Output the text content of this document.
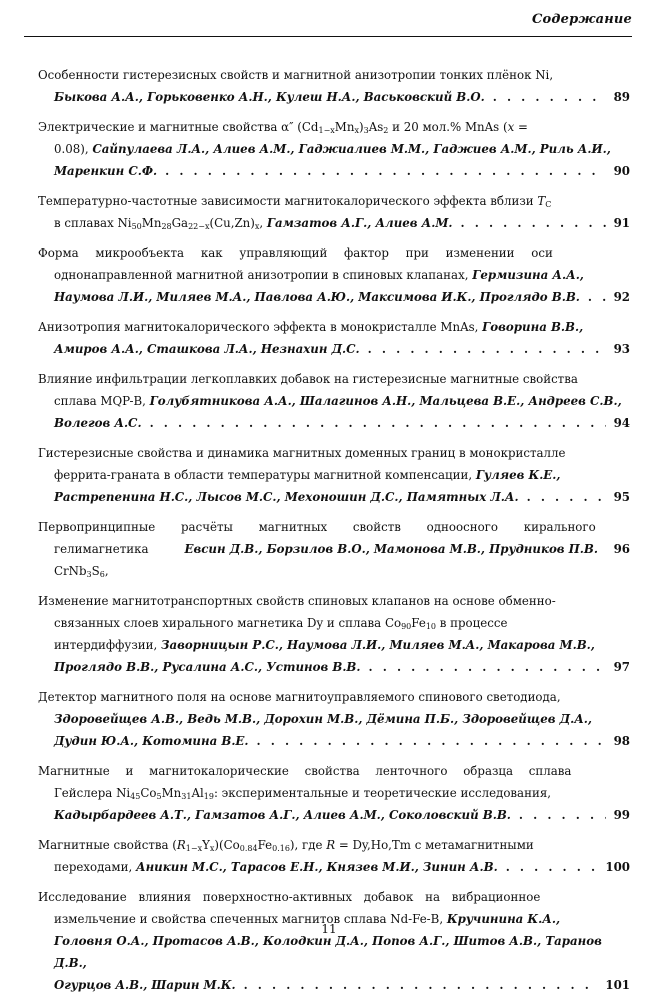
Содержание
Особенности гистерезисных свойств и магнитной анизотропии тонких плёнок Ni,
Быкова А.А., Горьковенко А.Н., Кулеш Н.А., Васьковский В.О. . . .	89
Электрические и магнитные свойства α″ $(Cd_{1-x}Mn_x)_3As_2$ и 20 мол.% MnAs (x =
0.08), Сайпулаева Л.А., Алиев А.М., Гаджиалиев М.М., Гаджиев А.М., Риль А.И.,
Маренкин С.Ф. . . .	90
Температурно-частотные зависимости магнитокалорического эффекта вблизи $T_C$
в сплавах $Ni_{50}Mn_{28}Ga_{22-x}(Cu,Zn)_x$, Гамзатов А.Г., Алиев А.М. . . .	91
Форма микрообъекта как управляющий фактор при изменении оси
однонаправленной магнитной анизотропии в спиновых клапанах, Гермизина А.А.,
Наумова Л.И., Миляев М.А., Павлова А.Ю., Максимова И.К., Проглядо В.В. . . .	92
Анизотропия магнитокалорического эффекта в монокристалле MnAs, Говорина В.В.,
Амиров А.А., Сташкова Л.А., Незнахин Д.С. . . .	93
Влияние инфильтрации легкоплавких добавок на гистерезисные магнитные свойства
сплава MQP-B, Голубятникова А.А., Шалагинов А.Н., Мальцева В.Е., Андреев С.В.,
Волегов А.С. . . .	94
Гистерезисные свойства и динамика магнитных доменных границ в монокристалле
феррита-граната в области температуры магнитной компенсации, Гуляев К.Е.,
Растрепенина Н.С., Лысов М.С., Мехоношин Д.С., Памятных Л.А. . . .	95
Первопринципные расчёты магнитных свойств одноосного кирального
гелимагнетика $CrNb_3S_6$,
Евсин Д.В., Борзилов В.О., Мамонова М.В., Прудников П.В. 96
Изменение магнитотранспортных свойств спиновых клапанов на основе обменно-
связанных слоев хирального магнетика Dy и сплава $Co_{90}Fe_{10}$ в процессе
интердиффузии, Заворницын Р.С., Наумова Л.И., Миляев М.А., Макарова М.В.,
Проглядо В.В., Русалина А.С., Устинов В.В. . . .	97
Детектор магнитного поля на основе магнитоуправляемого спинового светодиода,
Здоровейщев А.В., Ведь М.В., Дорохин М.В., Дёмина П.Б., Здоровейщев Д.А.,
Дудин Ю.А., Котомина В.Е. . . .	98
Магнитные и магнитокалорические свойства ленточного образца сплава
Гейслера $Ni_{45}Co_5Mn_{31}Al_{19}$: экспериментальные и теоретические исследования,
Кадырбардеев А.Т., Гамзатов А.Г., Алиев А.М., Соколовский В.В. . . .	99
Магнитные свойства $(R_{1-x}Y_x)(Co_{0.84}Fe_{0.16})$, где R = Dy,Ho,Tm с метамагнитными
переходами, Аникин М.С., Тарасов Е.Н., Князев М.И., Зинин А.В. . . .	100
Исследование влияния поверхностно-активных добавок на вибрационное
измельчение и свойства спеченных магнитов сплава Nd-Fe-B, Кручинина К.А.,
Головня О.А., Протасов А.В., Колодкин Д.А., Попов А.Г., Шитов А.В., Таранов Д.В.,
Огурцов А.В., Шарин М.К. . . .	101
11
